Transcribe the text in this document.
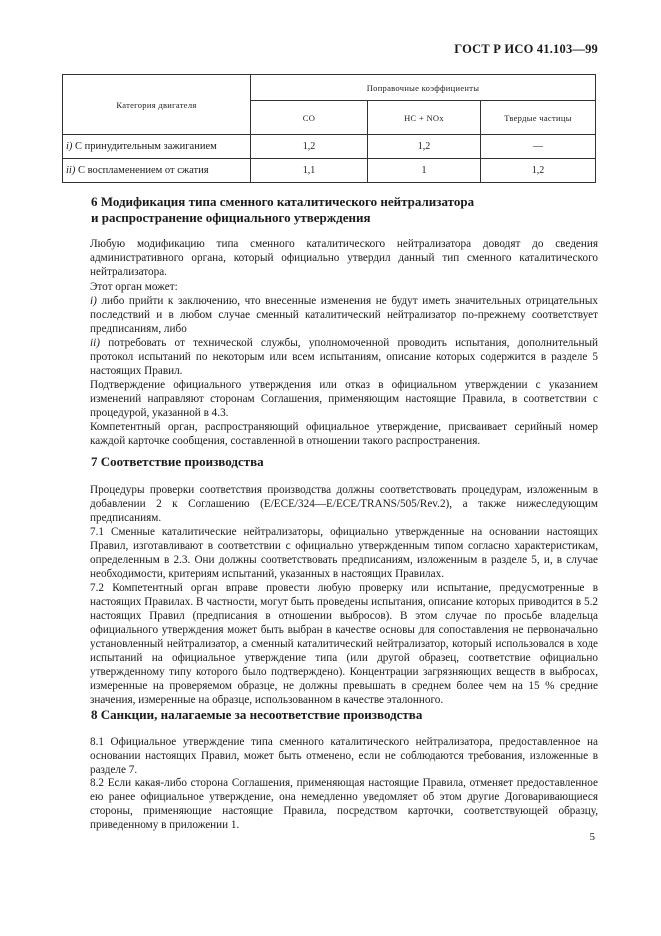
ГОСТ Р ИСО 41.103—99
Категория двигателя	Поправочные коэффициенты		
	CO	HC + NOx	Твердые частицы
i) С принудительным зажиганием	1,2	1,2	—
ii) С воспламенением от сжатия	1,1	1	1,2
6 Модификация типа сменного каталитического нейтрализатора
и распространение официального утверждения
Любую модификацию типа сменного каталитического нейтрализатора доводят до сведения административного органа, который официально утвердил данный тип сменного каталитического нейтрализатора.
Этот орган может:
i) либо прийти к заключению, что внесенные изменения не будут иметь значительных отрицательных последствий и в любом случае сменный каталитический нейтрализатор по-прежнему соответствует предписаниям, либо
ii) потребовать от технической службы, уполномоченной проводить испытания, дополнительный протокол испытаний по некоторым или всем испытаниям, описание которых содержится в разделе 5 настоящих Правил.
Подтверждение официального утверждения или отказ в официальном утверждении с указанием изменений направляют сторонам Соглашения, применяющим настоящие Правила, в соответствии с процедурой, указанной в 4.3.
Компетентный орган, распространяющий официальное утверждение, присваивает серийный номер каждой карточке сообщения, составленной в отношении такого распространения.
7 Соответствие производства
Процедуры проверки соответствия производства должны соответствовать процедурам, изложенным в добавлении 2 к Соглашению (E/ECE/324—E/ECE/TRANS/505/Rev.2), а также нижеследующим предписаниям.
7.1 Сменные каталитические нейтрализаторы, официально утвержденные на основании настоящих Правил, изготавливают в соответствии с официально утвержденным типом согласно характеристикам, определенным в 2.3. Они должны соответствовать предписаниям, изложенным в разделе 5, и, в случае необходимости, критериям испытаний, указанных в настоящих Правилах.
7.2 Компетентный орган вправе провести любую проверку или испытание, предусмотренные в настоящих Правилах. В частности, могут быть проведены испытания, описание которых приводится в 5.2 настоящих Правил (предписания в отношении выбросов). В этом случае по просьбе владельца официального утверждения может быть выбран в качестве основы для сопоставления не первоначально установленный нейтрализатор, а сменный каталитический нейтрализатор, который использовался в ходе испытаний на официальное утверждение типа (или другой образец, соответствие официально утвержденному типу которого было подтверждено). Концентрации загрязняющих веществ в выбросах, измеренные на проверяемом образце, не должны превышать в среднем более чем на 15 % средние значения, измеренные на образце, использованном в качестве эталонного.
8 Санкции, налагаемые за несоответствие производства
8.1 Официальное утверждение типа сменного каталитического нейтрализатора, предоставленное на основании настоящих Правил, может быть отменено, если не соблюдаются требования, изложенные в разделе 7.
8.2 Если какая-либо сторона Соглашения, применяющая настоящие Правила, отменяет предоставленное ею ранее официальное утверждение, она немедленно уведомляет об этом другие Договаривающиеся стороны, применяющие настоящие Правила, посредством карточки, соответствующей образцу, приведенному в приложении 1.
5
